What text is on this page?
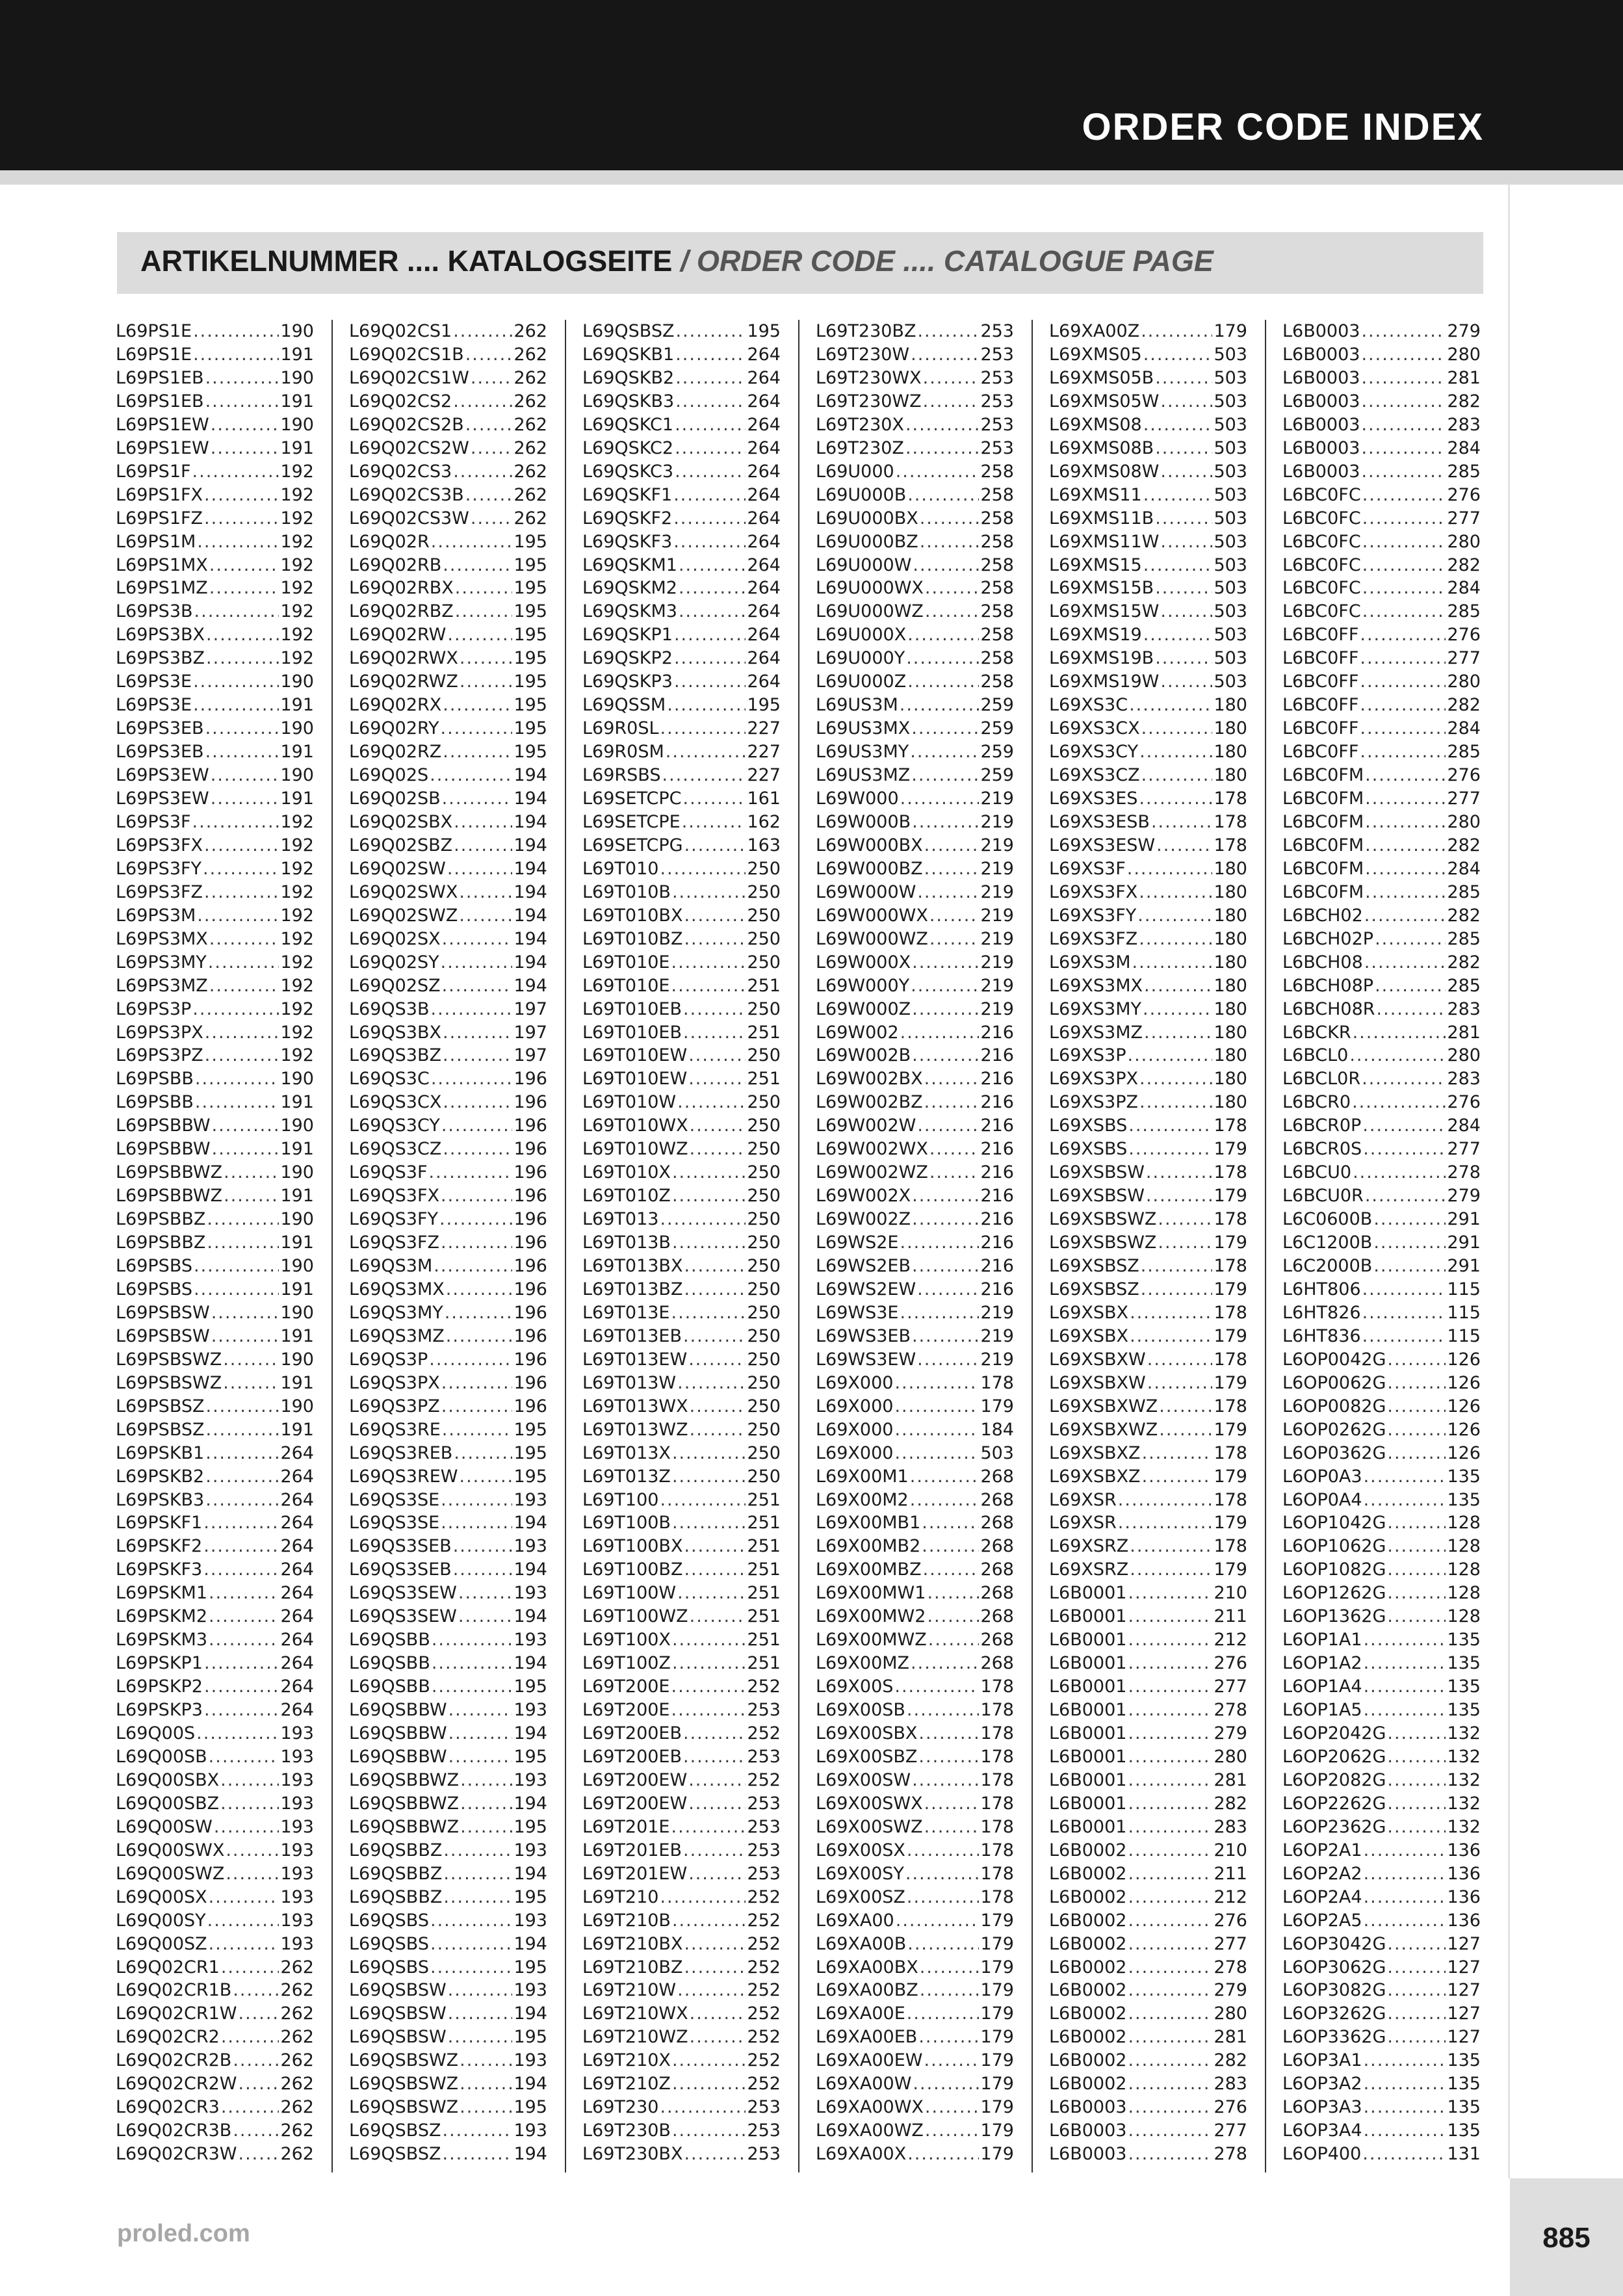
ORDER CODE INDEX
ARTIKELNUMMER .... KATALOGSEITE / ORDER CODE .... CATALOGUE PAGE
L69PS1E .....	190
L69PS1E .....	191
L69PS1EB .....	190
L69PS1EB .....	191
L69PS1EW .....	190
L69PS1EW .....	191
L69PS1F .....	192
L69PS1FX .....	192
L69PS1FZ .....	192
L69PS1M .....	192
L69PS1MX .....	192
L69PS1MZ .....	192
L69PS3B .....	192
L69PS3BX .....	192
L69PS3BZ .....	192
L69PS3E .....	190
L69PS3E .....	191
L69PS3EB .....	190
L69PS3EB .....	191
L69PS3EW .....	190
L69PS3EW .....	191
L69PS3F .....	192
L69PS3FX .....	192
L69PS3FY .....	192
L69PS3FZ .....	192
L69PS3M .....	192
L69PS3MX .....	192
L69PS3MY .....	192
L69PS3MZ .....	192
L69PS3P .....	192
L69PS3PX .....	192
L69PS3PZ .....	192
L69PSBB .....	190
L69PSBB .....	191
L69PSBBW .....	190
L69PSBBW .....	191
L69PSBBWZ .....	190
L69PSBBWZ .....	191
L69PSBBZ .....	190
L69PSBBZ .....	191
L69PSBS .....	190
L69PSBS .....	191
L69PSBSW .....	190
L69PSBSW .....	191
L69PSBSWZ .....	190
L69PSBSWZ .....	191
L69PSBSZ .....	190
L69PSBSZ .....	191
L69PSKB1 .....	264
L69PSKB2 .....	264
L69PSKB3 .....	264
L69PSKF1 .....	264
L69PSKF2 .....	264
L69PSKF3 .....	264
L69PSKM1 .....	264
L69PSKM2 .....	264
L69PSKM3 .....	264
L69PSKP1 .....	264
L69PSKP2 .....	264
L69PSKP3 .....	264
L69Q00S .....	193
L69Q00SB .....	193
L69Q00SBX .....	193
L69Q00SBZ .....	193
L69Q00SW .....	193
L69Q00SWX .....	193
L69Q00SWZ .....	193
L69Q00SX .....	193
L69Q00SY .....	193
L69Q00SZ .....	193
L69Q02CR1 .....	262
L69Q02CR1B .....	262
L69Q02CR1W ..... 262
L69Q02CR2 .....	262
L69Q02CR2B .....	262
L69Q02CR2W ..... 262
L69Q02CR3 .....	262
L69Q02CR3B .....	262
L69Q02CR3W ..... 262
L69Q02CS1 .....	262
L69Q02CS1B .....	262
L69Q02CS1W .....	262
L69Q02CS2 .....	262
L69Q02CS2B .....	262
L69Q02CS2W .....	262
L69Q02CS3 .....	262
L69Q02CS3B .....	262
L69Q02CS3W .....	262
L69Q02R .....	195
L69Q02RB .....	195
L69Q02RBX .....	195
L69Q02RBZ .....	195
L69Q02RW .....	195
L69Q02RWX .....	195
L69Q02RWZ .....	195
L69Q02RX .....	195
L69Q02RY .....	195
L69Q02RZ .....	195
L69Q02S .....	194
L69Q02SB .....	194
L69Q02SBX .....	194
L69Q02SBZ .....	194
L69Q02SW .....	194
L69Q02SWX .....	194
L69Q02SWZ .....	194
L69Q02SX .....	194
L69Q02SY .....	194
L69Q02SZ .....	194
L69QS3B .....	197
L69QS3BX .....	197
L69QS3BZ .....	197
L69QS3C .....	196
L69QS3CX .....	196
L69QS3CY .....	196
L69QS3CZ .....	196
L69QS3F .....	196
L69QS3FX .....	196
L69QS3FY .....	196
L69QS3FZ .....	196
L69QS3M .....	196
L69QS3MX .....	196
L69QS3MY .....	196
L69QS3MZ .....	196
L69QS3P .....	196
L69QS3PX .....	196
L69QS3PZ .....	196
L69QS3RE .....	195
L69QS3REB .....	195
L69QS3REW .....	195
L69QS3SE .....	193
L69QS3SE .....	194
L69QS3SEB .....	193
L69QS3SEB .....	194
L69QS3SEW .....	193
L69QS3SEW .....	194
L69QSBB .....	193
L69QSBB .....	194
L69QSBB .....	195
L69QSBBW .....	193
L69QSBBW .....	194
L69QSBBW .....	195
L69QSBBWZ .....	193
L69QSBBWZ .....	194
L69QSBBWZ .....	195
L69QSBBZ .....	193
L69QSBBZ .....	194
L69QSBBZ .....	195
L69QSBS .....	193
L69QSBS .....	194
L69QSBS .....	195
L69QSBSW .....	193
L69QSBSW .....	194
L69QSBSW .....	195
L69QSBSWZ .....	193
L69QSBSWZ .....	194
L69QSBSWZ .....	195
L69QSBSZ .....	193
L69QSBSZ .....	194
L69QSBSZ .....	195
L69QSKB1 .....	264
L69QSKB2 .....	264
L69QSKB3 .....	264
L69QSKC1 .....	264
L69QSKC2 .....	264
L69QSKC3 .....	264
L69QSKF1 .....	264
L69QSKF2 .....	264
L69QSKF3 .....	264
L69QSKM1 .....	264
L69QSKM2 .....	264
L69QSKM3 .....	264
L69QSKP1 .....	264
L69QSKP2 .....	264
L69QSKP3 .....	264
L69QSSM .....	195
L69R0SL .....	227
L69R0SM .....	227
L69RSBS .....	227
L69SETCPC .....	161
L69SETCPE .....	162
L69SETCPG .....	163
L69T010 .....	250
L69T010B .....	250
L69T010BX .....	250
L69T010BZ .....	250
L69T010E .....	250
L69T010E .....	251
L69T010EB .....	250
L69T010EB .....	251
L69T010EW .....	250
L69T010EW .....	251
L69T010W .....	250
L69T010WX .....	250
L69T010WZ .....	250
L69T010X .....	250
L69T010Z .....	250
L69T013 .....	250
L69T013B .....	250
L69T013BX .....	250
L69T013BZ .....	250
L69T013E .....	250
L69T013EB .....	250
L69T013EW .....	250
L69T013W .....	250
L69T013WX .....	250
L69T013WZ .....	250
L69T013X .....	250
L69T013Z .....	250
L69T100 .....	251
L69T100B .....	251
L69T100BX .....	251
L69T100BZ .....	251
L69T100W .....	251
L69T100WZ .....	251
L69T100X .....	251
L69T100Z .....	251
L69T200E .....	252
L69T200E .....	253
L69T200EB .....	252
L69T200EB .....	253
L69T200EW .....	252
L69T200EW .....	253
L69T201E .....	253
L69T201EB .....	253
L69T201EW .....	253
L69T210 .....	252
L69T210B .....	252
L69T210BX .....	252
L69T210BZ .....	252
L69T210W .....	252
L69T210WX .....	252
L69T210WZ .....	252
L69T210X .....	252
L69T210Z .....	252
L69T230 .....	253
L69T230B .....	253
L69T230BX .....	253
L69T230BZ .....	253
L69T230W .....	253
L69T230WX .....	253
L69T230WZ .....	253
L69T230X .....	253
L69T230Z .....	253
L69U000 .....	258
L69U000B .....	258
L69U000BX .....	258
L69U000BZ .....	258
L69U000W .....	258
L69U000WX .....	258
L69U000WZ .....	258
L69U000X .....	258
L69U000Y .....	258
L69U000Z .....	258
L69US3M .....	259
L69US3MX .....	259
L69US3MY .....	259
L69US3MZ .....	259
L69W000 .....	219
L69W000B .....	219
L69W000BX .....	219
L69W000BZ .....	219
L69W000W .....	219
L69W000WX .....	219
L69W000WZ .....	219
L69W000X .....	219
L69W000Y .....	219
L69W000Z .....	219
L69W002 .....	216
L69W002B .....	216
L69W002BX .....	216
L69W002BZ .....	216
L69W002W .....	216
L69W002WX .....	216
L69W002WZ .....	216
L69W002X .....	216
L69W002Z .....	216
L69WS2E .....	216
L69WS2EB .....	216
L69WS2EW .....	216
L69WS3E .....	219
L69WS3EB .....	219
L69WS3EW .....	219
L69X000 .....	178
L69X000 .....	179
L69X000 .....	184
L69X000 .....	503
L69X00M1 .....	268
L69X00M2 .....	268
L69X00MB1 .....	268
L69X00MB2 .....	268
L69X00MBZ .....	268
L69X00MW1 .....	268
L69X00MW2 .....	268
L69X00MWZ .....	268
L69X00MZ .....	268
L69X00S .....	178
L69X00SB .....	178
L69X00SBX .....	178
L69X00SBZ .....	178
L69X00SW .....	178
L69X00SWX .....	178
L69X00SWZ .....	178
L69X00SX .....	178
L69X00SY .....	178
L69X00SZ .....	178
L69XA00 .....	179
L69XA00B .....	179
L69XA00BX .....	179
L69XA00BZ .....	179
L69XA00E .....	179
L69XA00EB .....	179
L69XA00EW .....	179
L69XA00W .....	179
L69XA00WX .....	179
L69XA00WZ .....	179
L69XA00X .....	179
L69XA00Z .....	179
L69XMS05 .....	503
L69XMS05B .....	503
L69XMS05W .....	503
L69XMS08 .....	503
L69XMS08B .....	503
L69XMS08W .....	503
L69XMS11 .....	503
L69XMS11B .....	503
L69XMS11W .....	503
L69XMS15 .....	503
L69XMS15B .....	503
L69XMS15W .....	503
L69XMS19 .....	503
L69XMS19B .....	503
L69XMS19W .....	503
L69XS3C .....	180
L69XS3CX .....	180
L69XS3CY .....	180
L69XS3CZ .....	180
L69XS3ES .....	178
L69XS3ESB .....	178
L69XS3ESW .....	178
L69XS3F .....	180
L69XS3FX .....	180
L69XS3FY .....	180
L69XS3FZ .....	180
L69XS3M .....	180
L69XS3MX .....	180
L69XS3MY .....	180
L69XS3MZ .....	180
L69XS3P .....	180
L69XS3PX .....	180
L69XS3PZ .....	180
L69XSBS .....	178
L69XSBS .....	179
L69XSBSW .....	178
L69XSBSW .....	179
L69XSBSWZ .....	178
L69XSBSWZ .....	179
L69XSBSZ .....	178
L69XSBSZ .....	179
L69XSBX .....	178
L69XSBX .....	179
L69XSBXW .....	178
L69XSBXW .....	179
L69XSBXWZ .....	178
L69XSBXWZ .....	179
L69XSBXZ .....	178
L69XSBXZ .....	179
L69XSR .....	178
L69XSR .....	179
L69XSRZ .....	178
L69XSRZ .....	179
L6B0001 .....	210
L6B0001 .....	211
L6B0001 .....	212
L6B0001 .....	276
L6B0001 .....	277
L6B0001 .....	278
L6B0001 .....	279
L6B0001 .....	280
L6B0001 .....	281
L6B0001 .....	282
L6B0001 .....	283
L6B0002 .....	210
L6B0002 .....	211
L6B0002 .....	212
L6B0002 .....	276
L6B0002 .....	277
L6B0002 .....	278
L6B0002 .....	279
L6B0002 .....	280
L6B0002 .....	281
L6B0002 .....	282
L6B0002 .....	283
L6B0003 .....	276
L6B0003 .....	277
L6B0003 .....	278
L6B0003 .....	279
L6B0003 .....	280
L6B0003 .....	281
L6B0003 .....	282
L6B0003 .....	283
L6B0003 .....	284
L6B0003 .....	285
L6BC0FC .....	276
L6BC0FC .....	277
L6BC0FC .....	280
L6BC0FC .....	282
L6BC0FC .....	284
L6BC0FC .....	285
L6BC0FF .....	276
L6BC0FF .....	277
L6BC0FF .....	280
L6BC0FF .....	282
L6BC0FF .....	284
L6BC0FF .....	285
L6BC0FM .....	276
L6BC0FM .....	277
L6BC0FM .....	280
L6BC0FM .....	282
L6BC0FM .....	284
L6BC0FM .....	285
L6BCH02 .....	282
L6BCH02P .....	285
L6BCH08 .....	282
L6BCH08P .....	285
L6BCH08R .....	283
L6BCKR .....	281
L6BCL0 .....	280
L6BCL0R .....	283
L6BCR0 .....	276
L6BCR0P .....	284
L6BCR0S .....	277
L6BCU0 .....	278
L6BCU0R .....	279
L6C0600B .....	291
L6C1200B .....	291
L6C2000B .....	291
L6HT806 .....	115
L6HT826 .....	115
L6HT836 .....	115
L6OP0042G .....	126
L6OP0062G .....	126
L6OP0082G .....	126
L6OP0262G .....	126
L6OP0362G .....	126
L6OP0A3 .....	135
L6OP0A4 .....	135
L6OP1042G .....	128
L6OP1062G .....	128
L6OP1082G .....	128
L6OP1262G .....	128
L6OP1362G .....	128
L6OP1A1 .....	135
L6OP1A2 .....	135
L6OP1A4 .....	135
L6OP1A5 .....	135
L6OP2042G .....	132
L6OP2062G .....	132
L6OP2082G .....	132
L6OP2262G .....	132
L6OP2362G .....	132
L6OP2A1 .....	136
L6OP2A2 .....	136
L6OP2A4 .....	136
L6OP2A5 .....	136
L6OP3042G .....	127
L6OP3062G .....	127
L6OP3082G .....	127
L6OP3262G .....	127
L6OP3362G .....	127
L6OP3A1 .....	135
L6OP3A2 .....	135
L6OP3A3 .....	135
L6OP3A4 .....	135
L6OP400 .....	131
proled.com	885
